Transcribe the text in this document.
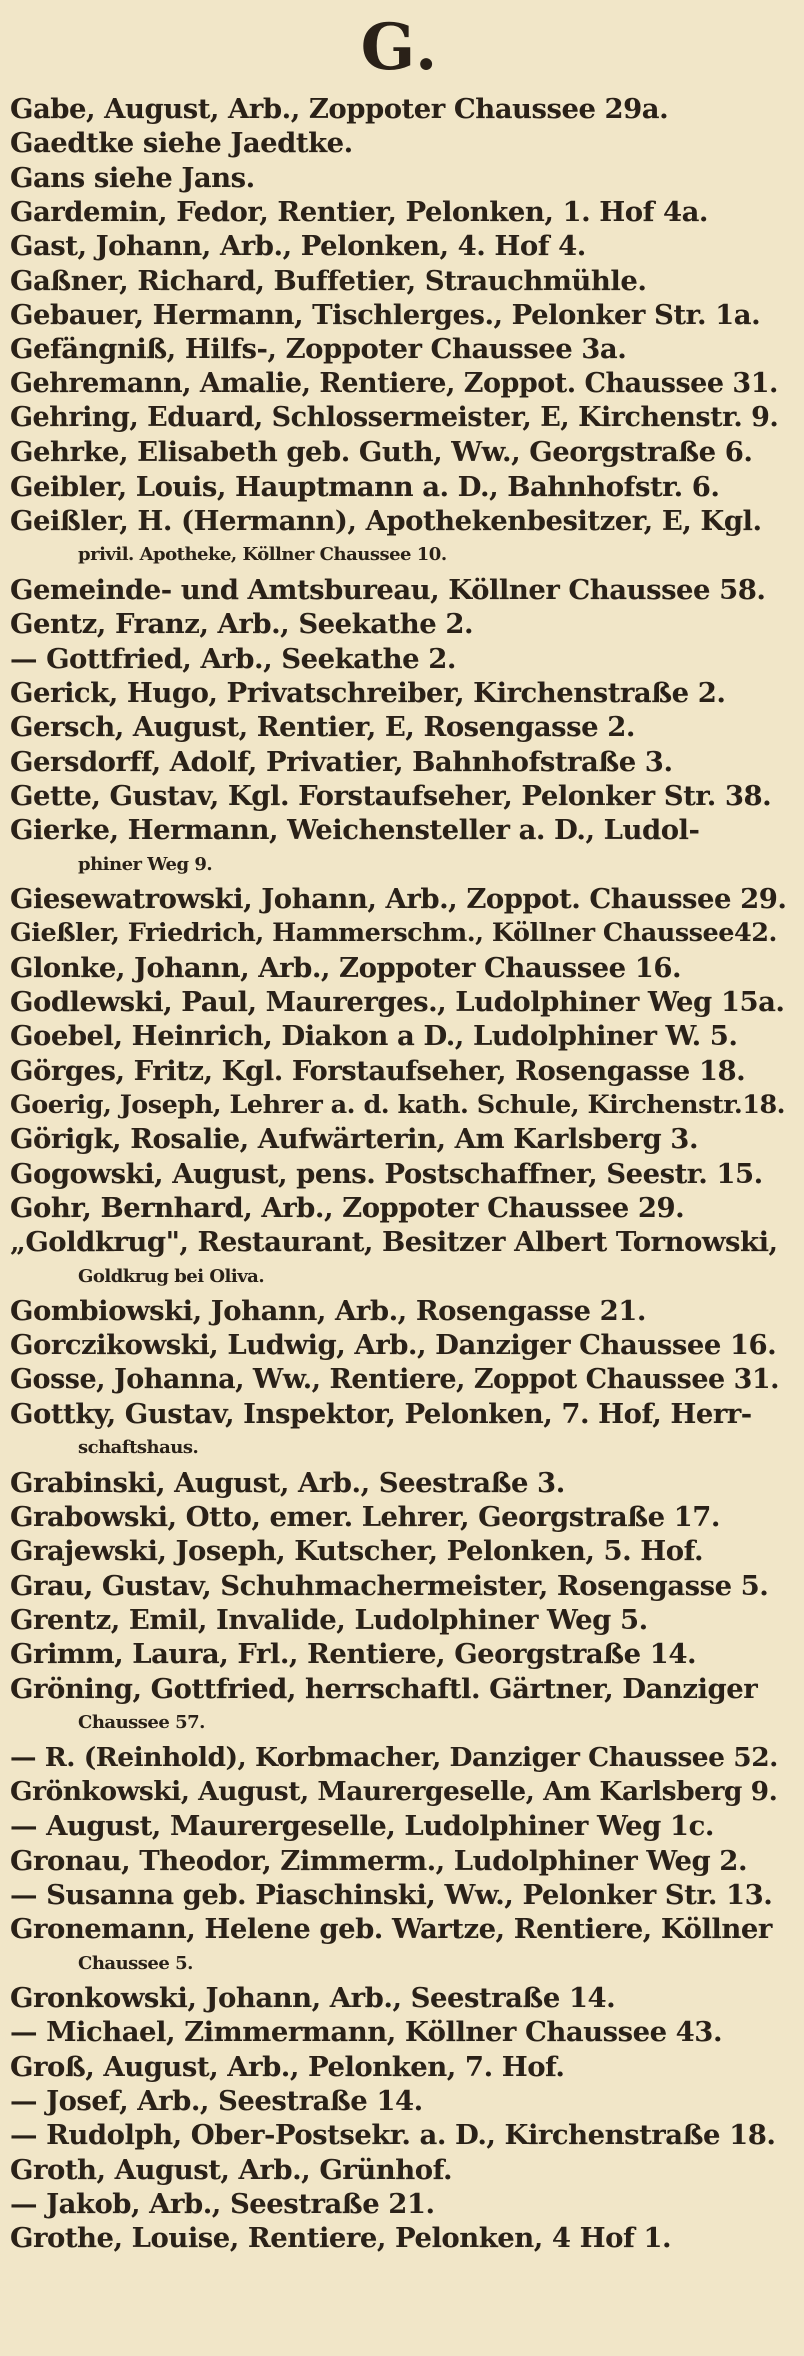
G.
Gabe, August, Arb., Zoppoter Chaussee 29a.
Gaedtke siehe Jaedtke.
Gans siehe Jans.
Gardemin, Fedor, Rentier, Pelonken, 1. Hof 4a.
Gast, Johann, Arb., Pelonken, 4. Hof 4.
Gaßner, Richard, Buffetier, Strauchmühle.
Gebauer, Hermann, Tischlerges., Pelonker Str. 1a.
Gefängniß, Hilfs-, Zoppoter Chaussee 3a.
Gehremann, Amalie, Rentiere, Zoppot. Chaussee 31.
Gehring, Eduard, Schlossermeister, E, Kirchenstr. 9.
Gehrke, Elisabeth geb. Guth, Ww., Georgstraße 6.
Geibler, Louis, Hauptmann a. D., Bahnhofstr. 6.
Geißler, H. (Hermann), Apothekenbesitzer, E, Kgl.
privil. Apotheke, Köllner Chaussee 10.
Gemeinde- und Amtsbureau, Köllner Chaussee 58.
Gentz, Franz, Arb., Seekathe 2.
— Gottfried, Arb., Seekathe 2.
Gerick, Hugo, Privatschreiber, Kirchenstraße 2.
Gersch, August, Rentier, E, Rosengasse 2.
Gersdorff, Adolf, Privatier, Bahnhofstraße 3.
Gette, Gustav, Kgl. Forstaufseher, Pelonker Str. 38.
Gierke, Hermann, Weichensteller a. D., Ludol-
phiner Weg 9.
Giesewatrowski, Johann, Arb., Zoppot. Chaussee 29.
Gießler, Friedrich, Hammerschm., Köllner Chaussee42.
Glonke, Johann, Arb., Zoppoter Chaussee 16.
Godlewski, Paul, Maurerges., Ludolphiner Weg 15a.
Goebel, Heinrich, Diakon a D., Ludolphiner W. 5.
Görges, Fritz, Kgl. Forstaufseher, Rosengasse 18.
Goerig, Joseph, Lehrer a. d. kath. Schule, Kirchenstr.18.
Görigk, Rosalie, Aufwärterin, Am Karlsberg 3.
Gogowski, August, pens. Postschaffner, Seestr. 15.
Gohr, Bernhard, Arb., Zoppoter Chaussee 29.
„Goldkrug", Restaurant, Besitzer Albert Tornowski,
Goldkrug bei Oliva.
Gombiowski, Johann, Arb., Rosengasse 21.
Gorczikowski, Ludwig, Arb., Danziger Chaussee 16.
Gosse, Johanna, Ww., Rentiere, Zoppot Chaussee 31.
Gottky, Gustav, Inspektor, Pelonken, 7. Hof, Herr-
schaftshaus.
Grabinski, August, Arb., Seestraße 3.
Grabowski, Otto, emer. Lehrer, Georgstraße 17.
Grajewski, Joseph, Kutscher, Pelonken, 5. Hof.
Grau, Gustav, Schuhmachermeister, Rosengasse 5.
Grentz, Emil, Invalide, Ludolphiner Weg 5.
Grimm, Laura, Frl., Rentiere, Georgstraße 14.
Gröning, Gottfried, herrschaftl. Gärtner, Danziger
Chaussee 57.
— R. (Reinhold), Korbmacher, Danziger Chaussee 52.
Grönkowski, August, Maurergeselle, Am Karlsberg 9.
— August, Maurergeselle, Ludolphiner Weg 1c.
Gronau, Theodor, Zimmerm., Ludolphiner Weg 2.
— Susanna geb. Piaschinski, Ww., Pelonker Str. 13.
Gronemann, Helene geb. Wartze, Rentiere, Köllner
Chaussee 5.
Gronkowski, Johann, Arb., Seestraße 14.
— Michael, Zimmermann, Köllner Chaussee 43.
Groß, August, Arb., Pelonken, 7. Hof.
— Josef, Arb., Seestraße 14.
— Rudolph, Ober-Postsekr. a. D., Kirchenstraße 18.
Groth, August, Arb., Grünhof.
— Jakob, Arb., Seestraße 21.
Grothe, Louise, Rentiere, Pelonken, 4 Hof 1.
